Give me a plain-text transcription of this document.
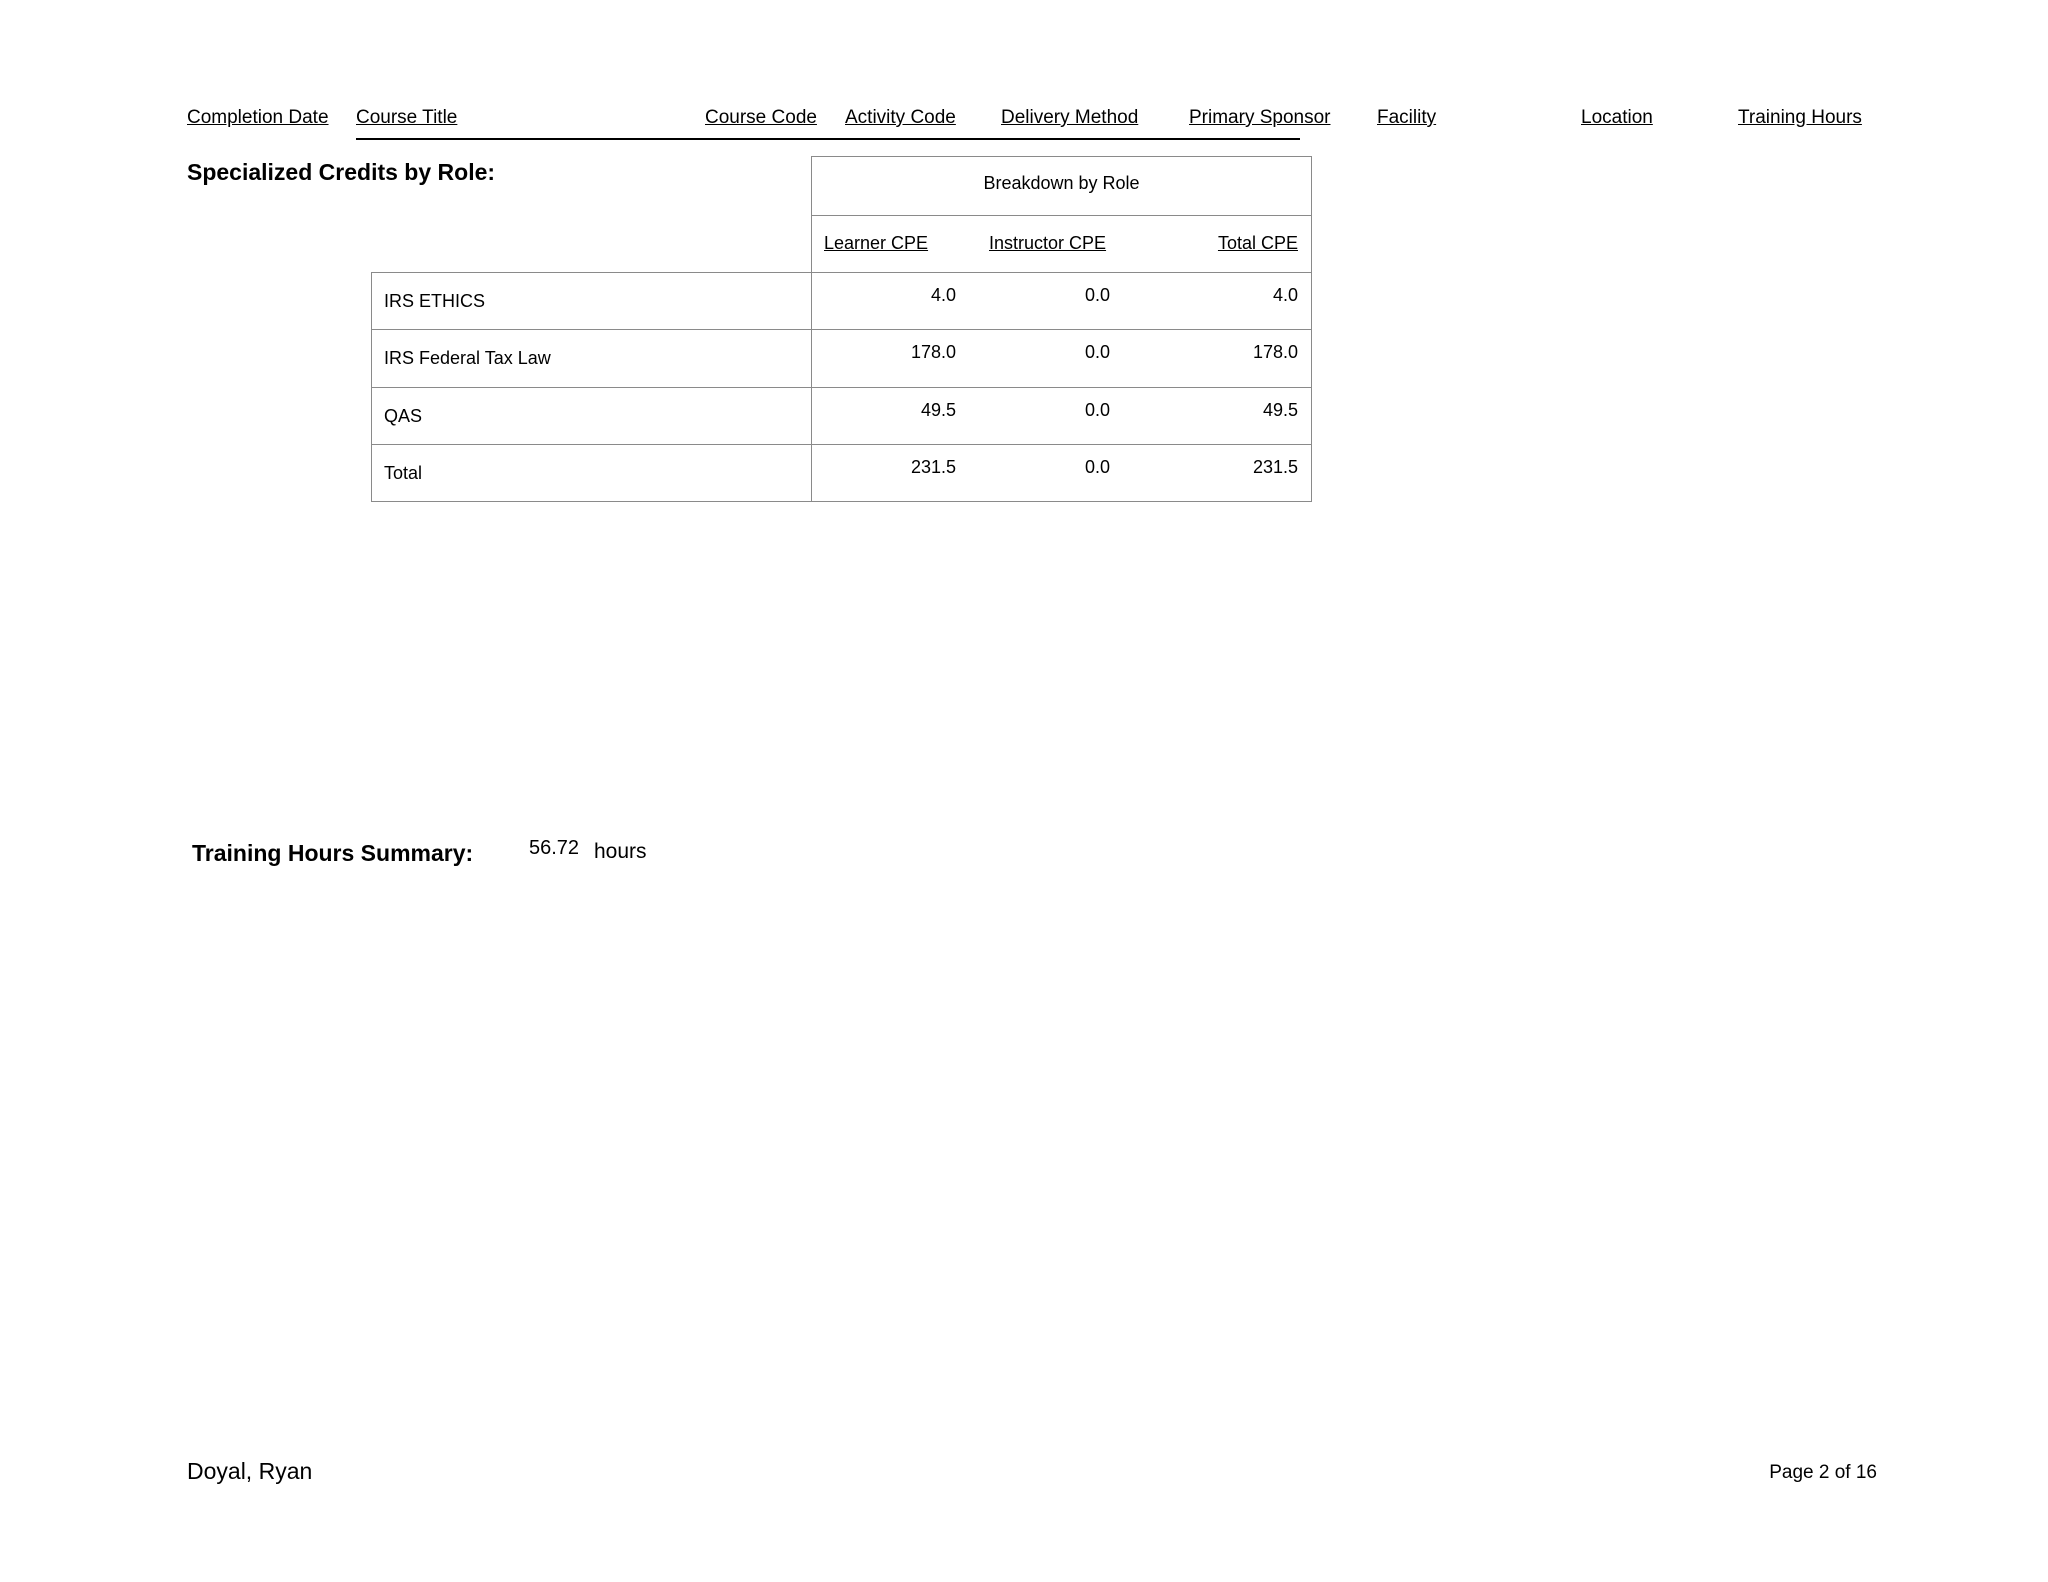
Completion Date Course Title	Course Code Activity Code Delivery Method	Primary Sponsor Facility	Location	Training Hours
Specialized Credits by Role:	Breakdown by Role
Learner CPE	Instructor CPE	Total CPE
IRS ETHICS	4.0	0.0	4.0
IRS Federal Tax Law	178.0	0.0	178.0
QAS	49.5	0.0	49.5
Total	231.5	0.0	231.5
Training Hours Summary:	56.72 hours
Doyal, Ryan	Page 2 of 16
